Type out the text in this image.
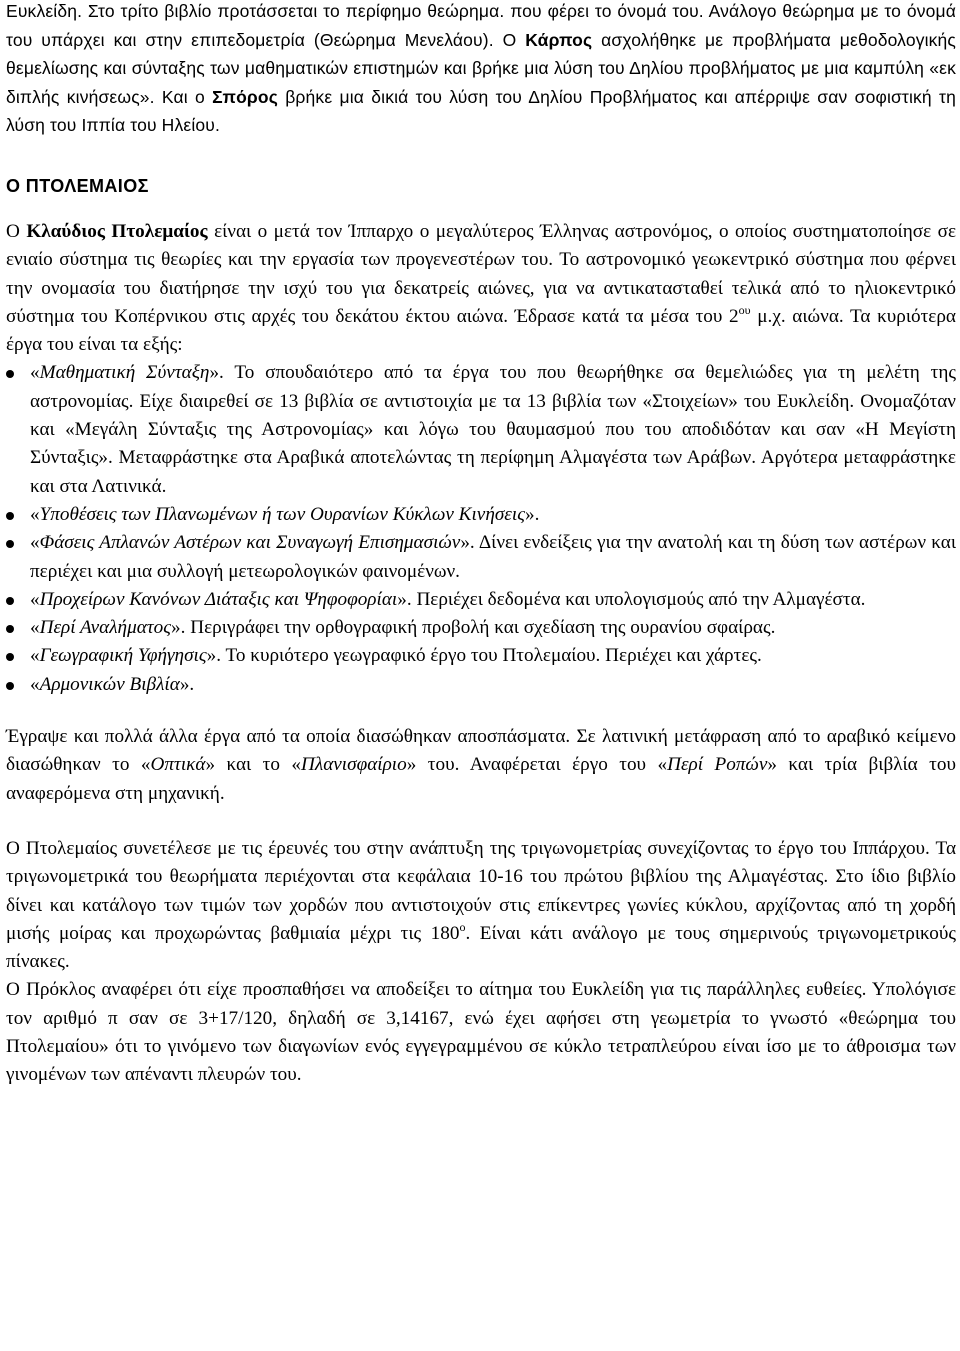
Ευκλείδη. Στο τρίτο βιβλίο προτάσσεται το περίφημο θεώρημα. που φέρει το όνομά του. Ανάλογο θεώρημα με το όνομά του υπάρχει και στην επιπεδομετρία (Θεώρημα Μενελάου). Ο Κάρπος ασχολήθηκε με προβλήματα μεθοδολογικής θεμελίωσης και σύνταξης των μαθηματικών επιστημών και βρήκε μια λύση του Δηλίου προβλήματος με μια καμπύλη «εκ διπλής κινήσεως». Και ο Σπόρος βρήκε μια δικιά του λύση του Δηλίου Προβλήματος και απέρριψε σαν σοφιστική τη λύση του Ιππία του Ηλείου.

Ο ΠΤΟΛΕΜΑΙΟΣ

Ο Κλαύδιος Πτολεμαίος είναι ο μετά τον Ίππαρχο ο μεγαλύτερος Έλληνας αστρονόμος, ο οποίος συστηματοποίησε σε ενιαίο σύστημα τις θεωρίες και την εργασία των προγενεστέρων του. Το αστρονομικό γεωκεντρικό σύστημα που φέρνει την ονομασία του διατήρησε την ισχύ του για δεκατρείς αιώνες, για να αντικατασταθεί τελικά από το ηλιοκεντρικό σύστημα του Κοπέρνικου στις αρχές του δεκάτου έκτου αιώνα. Έδρασε κατά τα μέσα του $2^{o\upsilon}$ μ.χ. αιώνα. Τα κυριότερα έργα του είναι τα εξής:

«Μαθηματική Σύνταξη». Το σπουδαιότερο από τα έργα του που θεωρήθηκε σα θεμελιώδες για τη μελέτη της αστρονομίας. Είχε διαιρεθεί σε 13 βιβλία σε αντιστοιχία με τα 13 βιβλία των «Στοιχείων» του Ευκλείδη. Ονομαζόταν και «Μεγάλη Σύνταξις της Αστρονομίας» και λόγω του θαυμασμού που του αποδιδόταν και σαν «Η Μεγίστη Σύνταξις». Μεταφράστηκε στα Αραβικά αποτελώντας τη περίφημη Αλμαγέστα των Αράβων. Αργότερα μεταφράστηκε και στα Λατινικά.
«Υποθέσεις των Πλανωμένων ή των Ουρανίων Κύκλων Κινήσεις».
«Φάσεις Απλανών Αστέρων και Συναγωγή Επισημασιών». Δίνει ενδείξεις για την ανατολή και τη δύση των αστέρων και περιέχει και μια συλλογή μετεωρολογικών φαινομένων.
«Προχείρων Κανόνων Διάταξις και Ψηφοφορίαι». Περιέχει δεδομένα και υπολογισμούς από την Αλμαγέστα.
«Περί Αναλήματος». Περιγράφει την ορθογραφική προβολή και σχεδίαση της ουρανίου σφαίρας.
«Γεωγραφική Υφήγησις». Το κυριότερο γεωγραφικό έργο του Πτολεμαίου. Περιέχει και χάρτες.
«Αρμονικών Βιβλία».

Έγραψε και πολλά άλλα έργα από τα οποία διασώθηκαν αποσπάσματα. Σε λατινική μετάφραση από το αραβικό κείμενο διασώθηκαν το «Οπτικά» και το «Πλανισφαίριο» του. Αναφέρεται έργο του «Περί Ροπών» και τρία βιβλία του αναφερόμενα στη μηχανική.

Ο Πτολεμαίος συνετέλεσε με τις έρευνές του στην ανάπτυξη της τριγωνομετρίας συνεχίζοντας το έργο του Ιππάρχου. Τα τριγωνομετρικά του θεωρήματα περιέχονται στα κεφάλαια 10-16 του πρώτου βιβλίου της Αλμαγέστας. Στο ίδιο βιβλίο δίνει και κατάλογο των τιμών των χορδών που αντιστοιχούν στις επίκεντρες γωνίες κύκλου, αρχίζοντας από τη χορδή μισής μοίρας και προχωρώντας βαθμιαία μέχρι τις $180^o$. Είναι κάτι ανάλογο με τους σημερινούς τριγωνομετρικούς πίνακες.

Ο Πρόκλος αναφέρει ότι είχε προσπαθήσει να αποδείξει το αίτημα του Ευκλείδη για τις παράλληλες ευθείες. Υπολόγισε τον αριθμό π σαν σε 3+17/120, δηλαδή σε 3,14167, ενώ έχει αφήσει στη γεωμετρία το γνωστό «θεώρημα του Πτολεμαίου» ότι το γινόμενο των διαγωνίων ενός εγγεγραμμένου σε κύκλο τετραπλεύρου είναι ίσο με το άθροισμα των γινομένων των απέναντι πλευρών του.
